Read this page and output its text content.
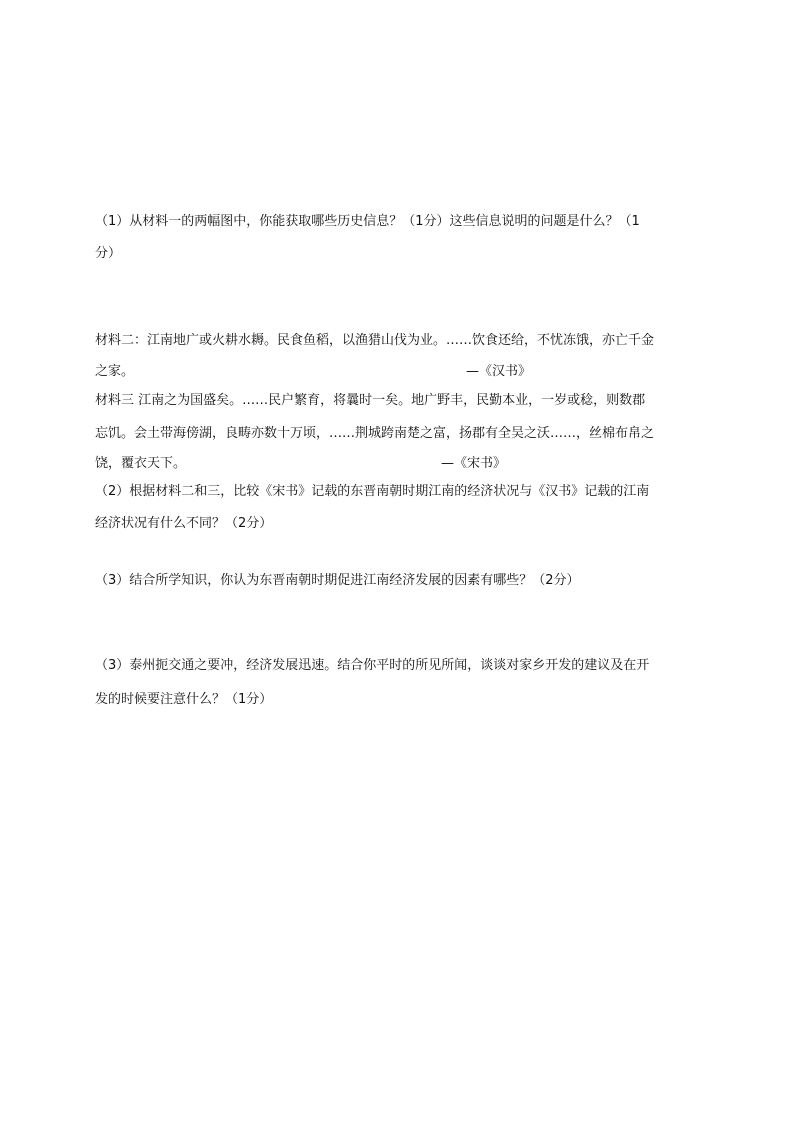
（1）从材料一的两幅图中，你能获取哪些历史信息？（1分）这些信息说明的问题是什么？（1
分）
材料二：江南地广或火耕水耨。民食鱼稻，以渔猎山伐为业。……饮食还给，不忧冻饿，亦亡千金
之家。	—《汉书》
材料三 江南之为国盛矣。……民户繁育，将曩时一矣。地广野丰，民勤本业，一岁或稔，则数郡
忘饥。会土带海傍湖，良畴亦数十万顷，……荆城跨南楚之富，扬郡有全吴之沃……，丝棉布帛之
饶，覆衣天下。	—《宋书》
（2）根据材料二和三，比较《宋书》记载的东晋南朝时期江南的经济状况与《汉书》记载的江南
经济状况有什么不同？（2分）
（3）结合所学知识，你认为东晋南朝时期促进江南经济发展的因素有哪些？（2分）
（3）泰州扼交通之要冲，经济发展迅速。结合你平时的所见所闻，谈谈对家乡开发的建议及在开
发的时候要注意什么？（1分）
